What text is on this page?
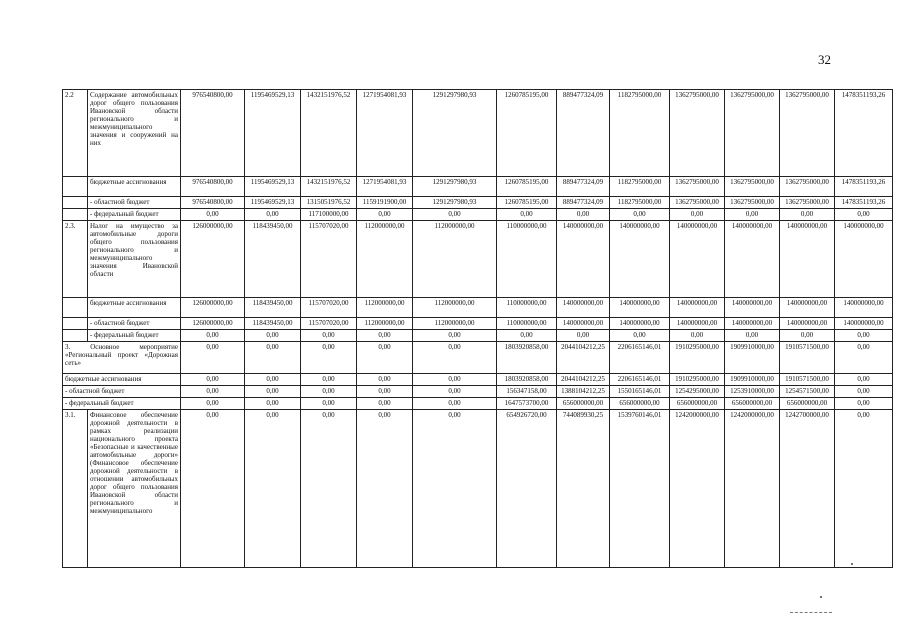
32
2.2	Содержание автомобильных дорог общего пользования Ивановской области регионального и межмуниципального значения и сооружений на них	976540800,00	1195469529,13	1432151976,52	1271954081,93	1291297980,93	1260785195,00	889477324,09	1182795000,00	1362795000,00	1362795000,00	1362795000,00	1478351193,26
	бюджетные ассигнования	976540800,00	1195469529,13	1432151976,52	1271954081,93	1291297980,93	1260785195,00	889477324,09	1182795000,00	1362795000,00	1362795000,00	1362795000,00	1478351193,26
	- областной бюджет	976540800,00	1195469529,13	1315051976,52	1159191900,00	1291297980,93	1260785195,00	889477324,09	1182795000,00	1362795000,00	1362795000,00	1362795000,00	1478351193,26
	- федеральный бюджет	0,00	0,00	117100000,00	0,00	0,00	0,00	0,00	0,00	0,00	0,00	0,00	0,00
2.3.	Налог на имущество за автомобильные дороги общего пользования регионального и межмуниципального значения Ивановской области	126000000,00	118439450,00	115707020,00	112000000,00	112000000,00	110000000,00	140000000,00	140000000,00	140000000,00	140000000,00	140000000,00	140000000,00
	бюджетные ассигнования	126000000,00	118439450,00	115707020,00	112000000,00	112000000,00	110000000,00	140000000,00	140000000,00	140000000,00	140000000,00	140000000,00	140000000,00
	- областной бюджет	126000000,00	118439450,00	115707020,00	112000000,00	112000000,00	110000000,00	140000000,00	140000000,00	140000000,00	140000000,00	140000000,00	140000000,00
	- федеральный бюджет	0,00	0,00	0,00	0,00	0,00	0,00	0,00	0,00	0,00	0,00	0,00	0,00
3. Основное мероприятие «Региональный проект «Дорожная сеть»		0,00	0,00	0,00	0,00	0,00	1803920858,00	2044104212,25	2206165146,01	1910295000,00	1909910000,00	1910571500,00	0,00
бюджетные ассигнования		0,00	0,00	0,00	0,00	0,00	1803920858,00	2044104212,25	2206165146,01	1910295000,00	1909910000,00	1910571500,00	0,00
- областной бюджет		0,00	0,00	0,00	0,00	0,00	156347158,00	1388104212,25	1550165146,01	1254295000,00	1253910000,00	1254571500,00	0,00
- федеральный бюджет		0,00	0,00	0,00	0,00	0,00	1647573700,00	656000000,00	656000000,00	656000000,00	656000000,00	656000000,00	0,00
3.1.	Финансовое обеспечение дорожной деятельности в рамках реализации национального проекта «Безопасные и качественные автомобильные дороги» (Финансовое обеспечение дорожной деятельности в отношении автомобильных дорог общего пользования Ивановской области регионального и межмуниципального	0,00	0,00	0,00	0,00	0,00	654926720,00	744089930,25	1539760146,01	1242000000,00	1242000000,00	1242700000,00	0,00
